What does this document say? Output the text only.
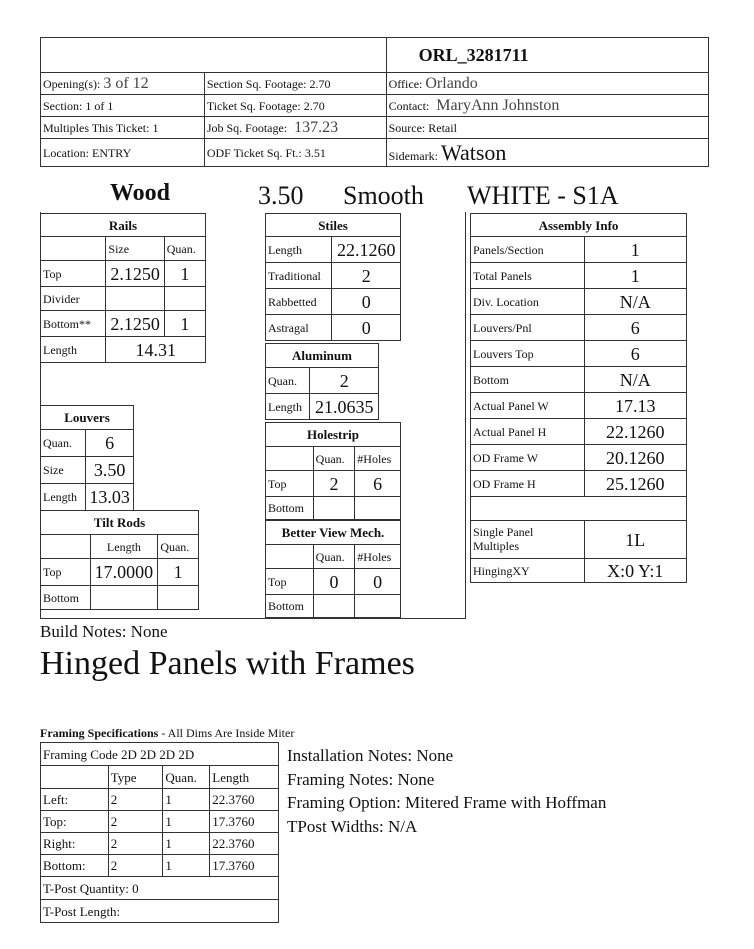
		ORL_3281711
Opening(s): 3 of 12	Section Sq. Footage: 2.70	Office: Orlando
Section: 1 of 1	Ticket Sq. Footage: 2.70	Contact: MaryAnn Johnston
Multiples This Ticket: 1	Job Sq. Footage: 137.23	Source: Retail
Location: ENTRY	ODF Ticket Sq. Ft.: 3.51	Sidemark: Watson
Wood	3.50 Smooth WHITE - S1A
Rails		
	Size	Quan.
Top	2.1250	1
Divider		
Bottom**	2.1250	1
Length	14.31	
Louvers	
Quan.	6
Size	3.50
Length	13.03
Tilt Rods		
	Length	Quan.
Top	17.0000	1
Bottom		
Stiles	
Length	22.1260
Traditional	2
Rabbetted	0
Astragal	0
Aluminum	
Quan.	2
Length	21.0635
Holestrip		
	Quan.	#Holes
Top	2	6
Bottom		
Better View Mech.		
	Quan.	#Holes
Top	0	0
Bottom		
Assembly Info	
Panels/Section	1
Total Panels	1
Div. Location	N/A
Louvers/Pnl	6
Louvers Top	6
Bottom	N/A
Actual Panel W	17.13
Actual Panel H	22.1260
OD Frame W	20.1260
OD Frame H	25.1260

Single Panel Multiples	1L
HingingXY	X:0 Y:1
Build Notes: None
Hinged Panels with Frames
Framing Specifications - All Dims Are Inside Miter
Framing Code 2D 2D 2D 2D			
	Type	Quan.	Length
Left:	2	1	22.3760
Top:	2	1	17.3760
Right:	2	1	22.3760
Bottom:	2	1	17.3760
T-Post Quantity: 0			
T-Post Length:			
Installation Notes: None
Framing Notes: None
Framing Option: Mitered Frame with Hoffman
TPost Widths: N/A
